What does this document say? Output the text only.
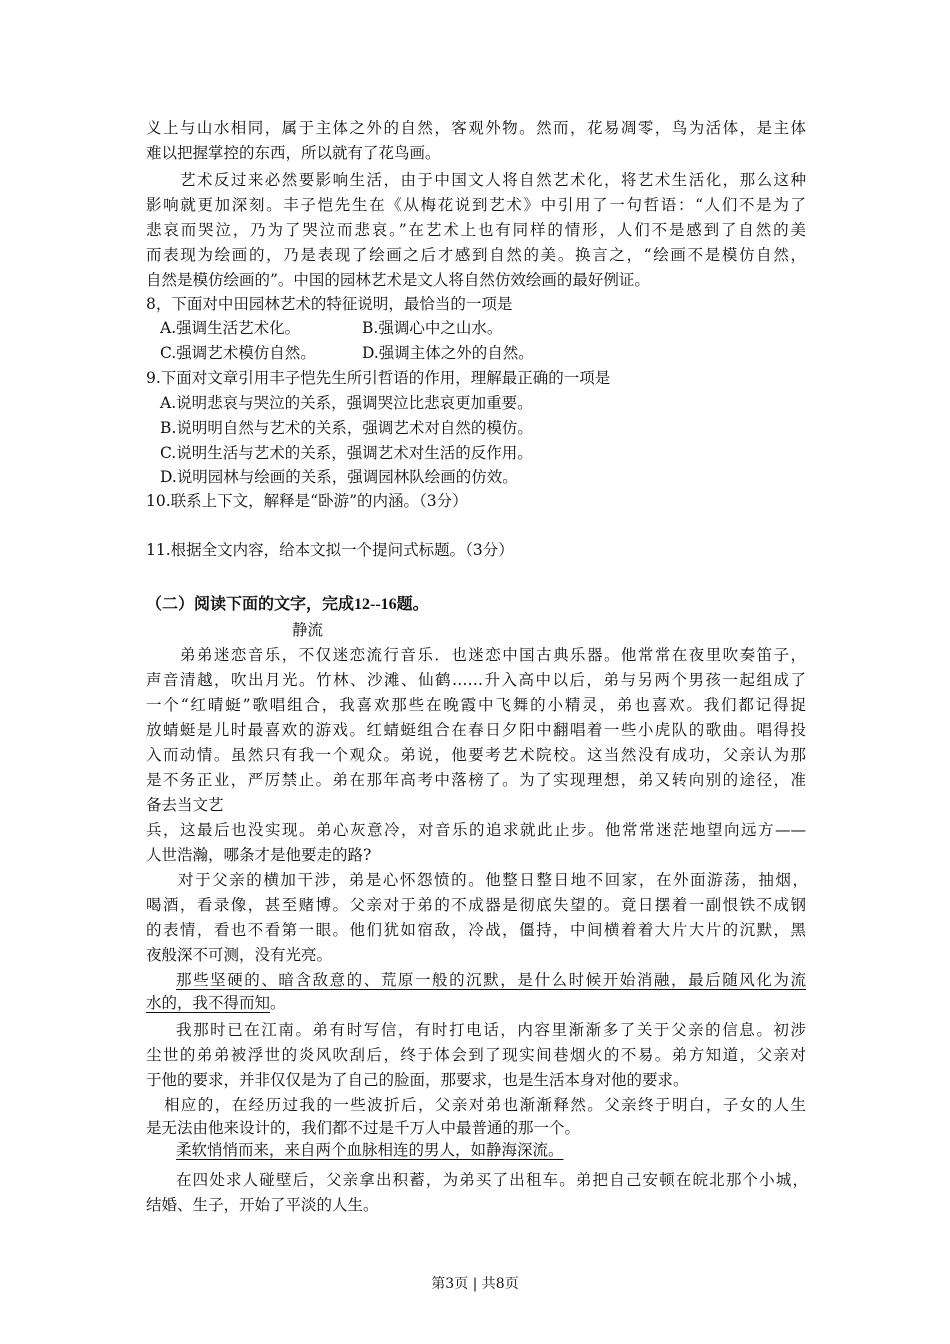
义上与山水相同，属于主体之外的自然，客观外物。然而，花易凋零，鸟为活体，是主体
难以把握掌控的东西，所以就有了花鸟画。
艺术反过来必然要影响生活，由于中国文人将自然艺术化，将艺术生活化，那么这种
影响就更加深刻。丰子恺先生在《从梅花说到艺术》中引用了一句哲语：“人们不是为了
悲哀而哭泣，乃为了哭泣而悲哀。”在艺术上也有同样的情形，人们不是感到了自然的美
而表现为绘画的，乃是表现了绘画之后才感到自然的美。换言之，“绘画不是模仿自然，
自然是模仿绘画的”。中国的园林艺术是文人将自然仿效绘画的最好例证。
8，下面对中田园林艺术的特征说明，最恰当的一项是
A.强调生活艺术化。	B.强调心中之山水。
C.强调艺术模仿自然。	D.强调主体之外的自然。
9.下面对文章引用丰子恺先生所引哲语的作用，理解最正确的一项是
A.说明悲哀与哭泣的关系，强调哭泣比悲哀更加重要。
B.说明明自然与艺术的关系，强调艺术对自然的模仿。
C.说明生活与艺术的关系，强调艺术对生活的反作用。
D.说明园林与绘画的关系，强调园林队绘画的仿效。
10.联系上下文，解释是“卧游”的内涵。（3分）
11.根据全文内容，给本文拟一个提问式标题。（3分）
（二）阅读下面的文字，完成12--16题。
静流
弟弟迷恋音乐，不仅迷恋流行音乐．也迷恋中国古典乐器。他常常在夜里吹奏笛子，
声音清越，吹出月光。竹林、沙滩、仙鹤……升入高中以后，弟与另两个男孩一起组成了
一个“红晴蜓”歌唱组合，我喜欢那些在晚霞中飞舞的小精灵，弟也喜欢。我们都记得捉
放蜻蜓是儿时最喜欢的游戏。红蜻蜓组合在春日夕阳中翻唱着一些小虎队的歌曲。唱得投
入而动情。虽然只有我一个观众。弟说，他要考艺术院校。这当然没有成功，父亲认为那
是不务正业，严厉禁止。弟在那年高考中落榜了。为了实现理想，弟又转向别的途径，准
备去当文艺
兵，这最后也没实现。弟心灰意冷，对音乐的追求就此止步。他常常迷茫地望向远方——
人世浩瀚，哪条才是他要走的路?
对于父亲的横加干涉，弟是心怀怨愤的。他整日整日地不回家，在外面游荡，抽烟，
喝酒，看录像，甚至赌博。父亲对于弟的不成器是彻底失望的。竟日摆着一副恨铁不成钢
的表情，看也不看第一眼。他们犹如宿敌，冷战，僵持，中间横着着大片大片的沉默，黑
夜般深不可测，没有光亮。
那些坚硬的、暗含敌意的、荒原一般的沉默，是什么时候开始消融，最后随风化为流
水的，我不得而知。
我那时已在江南。弟有时写信，有时打电话，内容里渐渐多了关于父亲的信息。初涉
尘世的弟弟被浮世的炎风吹刮后，终于体会到了现实间巷烟火的不易。弟方知道，父亲对
于他的要求，并非仅仅是为了自己的脸面，那要求，也是生活本身对他的要求。
相应的，在经历过我的一些波折后，父亲对弟也渐渐释然。父亲终于明白，子女的人生
是无法由他来设计的，我们都不过是千万人中最普通的那一个。
柔软悄悄而来，来自两个血脉相连的男人，如静海深流。
在四处求人碰壁后，父亲拿出积蓄，为弟买了出租车。弟把自己安顿在皖北那个小城，
结婚、生子，开始了平淡的人生。
第3页 | 共8页
